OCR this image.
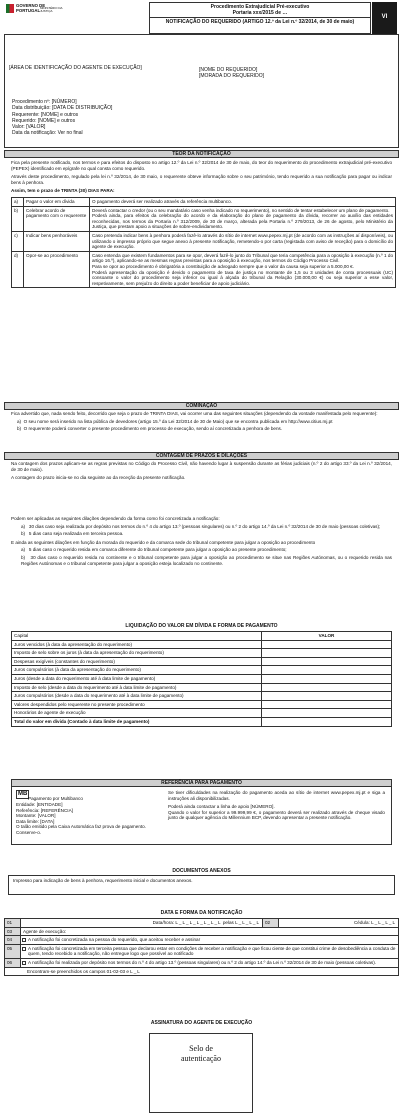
GOVERNO DE
PORTUGAL MINISTÉRIO DA JUSTIÇA
Procedimento Extrajudicial Pré-executivo
Portaria xxx/2015 de …
NOTIFICAÇÃO DO REQUERIDO (ARTIGO 12.º da Lei n.º 32/2014, de 30 de maio)
VI
[ÁREA DE IDENTIFICAÇÃO DO AGENTE DE EXECUÇÃO]	[NOME DO REQUERIDO]
[MORADA DO REQUERIDO]
Procedimento nº: [NÚMERO]
Data distribuição: [DATA DE DISTRIBUIÇÃO]
Requerente: [NOME] e outros
Requerido: [NOME] e outros
Valor: [VALOR]
Data da notificação: Ver no final
TEOR DA NOTIFICAÇÃO

Fica pela presente notificado, nos termos e para efeitos do disposto no artigo 12.º da Lei n.º 32/2014 de 30 de maio, do teor do requerimento do procedimento extrajudicial pré-executivo (PEPEX) identificado em epígrafe no qual consta como requerido.

Através deste procedimento, regulado pela lei n.º 32/2014, de 30 maio, o requerente obteve informação sobre o seu património, tendo requerido a sua notificação para pagar ou indicar bens à penhora.

Assim, tem o prazo de TRINTA (30) DIAS PARA:

a)	Pagar o valor em dívida	O pagamento deverá ser realizado através da referência multibanco.
b)	Celebrar acordo de pagamento com o requerente	Deverá contactar o credor (ou o seu mandatário caso venha indicado no requerimento), no sentido de tentar estabelecer um plano de pagamento.
Poderá ainda, para efeitos da celebração do acordo e da elaboração do plano de pagamento da dívida, recorrer ao auxílio das entidades reconhecidas, nos termos da Portaria n.º 312/2009, de 30 de março, alterada pela Portaria n.º 279/2013, de 26 de agosto, pelo Ministério da Justiça, que prestam apoio a situações de sobre-endividamento.
c)	Indicar bens penhoráveis	Caso pretenda indicar bens à penhora poderá fazê-lo através do sítio de internet www.pepex.mj.pt (de acordo com as instruções aí disponíveis), ou utilizando o impresso próprio que segue anexo à presente notificação, remetendo-o por carta (registada com aviso de receção) para o domicílio do agente de execução.
d)	Opor-se ao procedimento	Caso entenda que existem fundamentos para se opor, deverá fazê-lo junto do Tribunal que teria competência para a oposição à execução (n.º 1 do artigo 16.º), aplicando-se as mesmas regras previstas para a oposição à execução, nos termos do Código Processo Civil.
Para se opor ao procedimento é obrigatória a constituição de advogado sempre que o valor da causa seja superior a 5.000,00 €.
Poderá apresentação da oposição é devido o pagamento de taxa de justiça no montante de 1,5 ou 3 unidades de conta processuais (UC) consoante o valor do procedimento seja inferior ou igual à alçada do tribunal da Relação (30.000,00 €) ou seja superior a esse valor, respetivamente, sem prejuízo do direito a poder beneficiar de apoio judiciário.
COMINAÇÃO

Fica advertido que, nada sendo feito, decorrido que seja o prazo de TRINTA DIAS, vai ocorrer uma das seguintes situações (dependendo da vontade manifestada pelo requerente):

a)  O seu nome será inserido na lista pública de devedores (artigo 15.º da Lei 32/2014 de 30 de Maio) que se encontra publicada em http://www.citius.mj.pt

b)  O requerente poderá converter o presente procedimento em processo de execução, sendo aí concretizada a penhora de bens.

CONTAGEM DE PRAZOS E DILAÇÕES

Na contagem dos prazos aplicam-se as regras previstas no Código do Processo Civil, não havendo lugar à suspensão durante as férias judiciais (n.º 2 do artigo 33.º da Lei n.º 32/2014, de 30 de maio).

A contagem do prazo inicia-se no dia seguinte ao da receção da presente notificação.

Podem ser aplicadas as seguintes dilações dependendo da forma como foi concretizada a notificação:

a)   30 dias caso seja realizada por depósito nos termos do n.º 4 do artigo 13.º (pessoas singulares) ou n.º 2 do artigo 14.º da Lei n.º 32/2014 de 30 de maio (pessoas coletivas);

b)   5 dias caso seja realizada em terceira pessoa.

E ainda as seguintes dilações em função da morada do requerido e da comarca sede do tribunal competente para julgar a oposição ao procedimento

a)   5 dias caso o requerido resida em comarca diferente do tribunal competente para julgar a oposição ao presente procedimento;

b)   30 dias caso o requerido resida no continente e o tribunal competente para julgar a oposição ao procedimento se situe nas Regiões Autónomas, ou o requerido resida nas Regiões Autónomas e o tribunal competente para julgar a oposição esteja localizado no continente.

LIQUIDAÇÃO DO VALOR EM DÍVIDA E FORMA DE PAGAMENTO
Capital	VALOR
Juros vencidos (à data da apresentação do requerimento)	
Imposto de selo sobre os juros (à data da apresentação do requerimento)	
Despesas exigíveis (constantes do requerimento)	
Juros compulsórios (à data da apresentação do requerimento)	
Juros (desde a data do requerimento até à data limite de pagamento)	
Imposto de selo (desde a data do requerimento até à data limite de pagamento)	
Juros compulsórios (desde a data do requerimento até à data limite de pagamento)	
Valores despendidos pelo requerente no presente procedimento	
Honorários de agente de execução	
Total do valor em dívida (Contado à data limite de pagamento)	
REFERÊNCIA PARA PAGAMENTO
MB
Pagamento por Multibanco
Entidade: [ENTIDADE]
Referência: [REFERÊNCIA]
Montante: [VALOR]
Data limite: [DATA]
O talão emitido pela Caixa Automática faz prova de pagamento.
Conserve-o.

Se tiver dificuldades na realização do pagamento aceda ao sítio de internet www.pepex.mj.pt e siga a instruções ali disponibilizadas.

Poderá ainda contactar a linha de apoio [NÚMERO].

Quando o valor for superior a 99.999,99 €, o pagamento deverá ser realizado através de cheque visado junto de qualquer agência do Millennium BCP, devendo apresentar a presente notificação.

DOCUMENTOS ANEXOS
Impresso para indicação de bens à penhora, requerimento inicial e documentos anexos.
DATA E FORMA DA NOTIFICAÇÃO
01	Data/hora: L_L_L_L_L_L_L pelas L_L_L_L	02	Cédula: L_L_L_L
03	Agente de execução:		
04	A notificação foi concretizada na pessoa do requerido, que aceitou receber e assinar		
05	A notificação foi concretizada em terceira pessoa que declarou estar em condições de receber a notificação e que ficou ciente de que constitui crime de desobediência a conduta de quem, tendo recebido a notificação, não entregue logo que possível ao notificado		
06	A notificação foi realizada por depósito nos termos do n.º 4 do artigo 13.º (pessoas singulares) ou n.º 2 do artigo 14.º da Lei n.º 32/2014 de 30 de maio (pessoas coletivas).		
Encontram-se preenchidos os campos 01-02-03 e L_L			
ASSINATURA DO AGENTE DE EXECUÇÃO
Selo de autenticação
